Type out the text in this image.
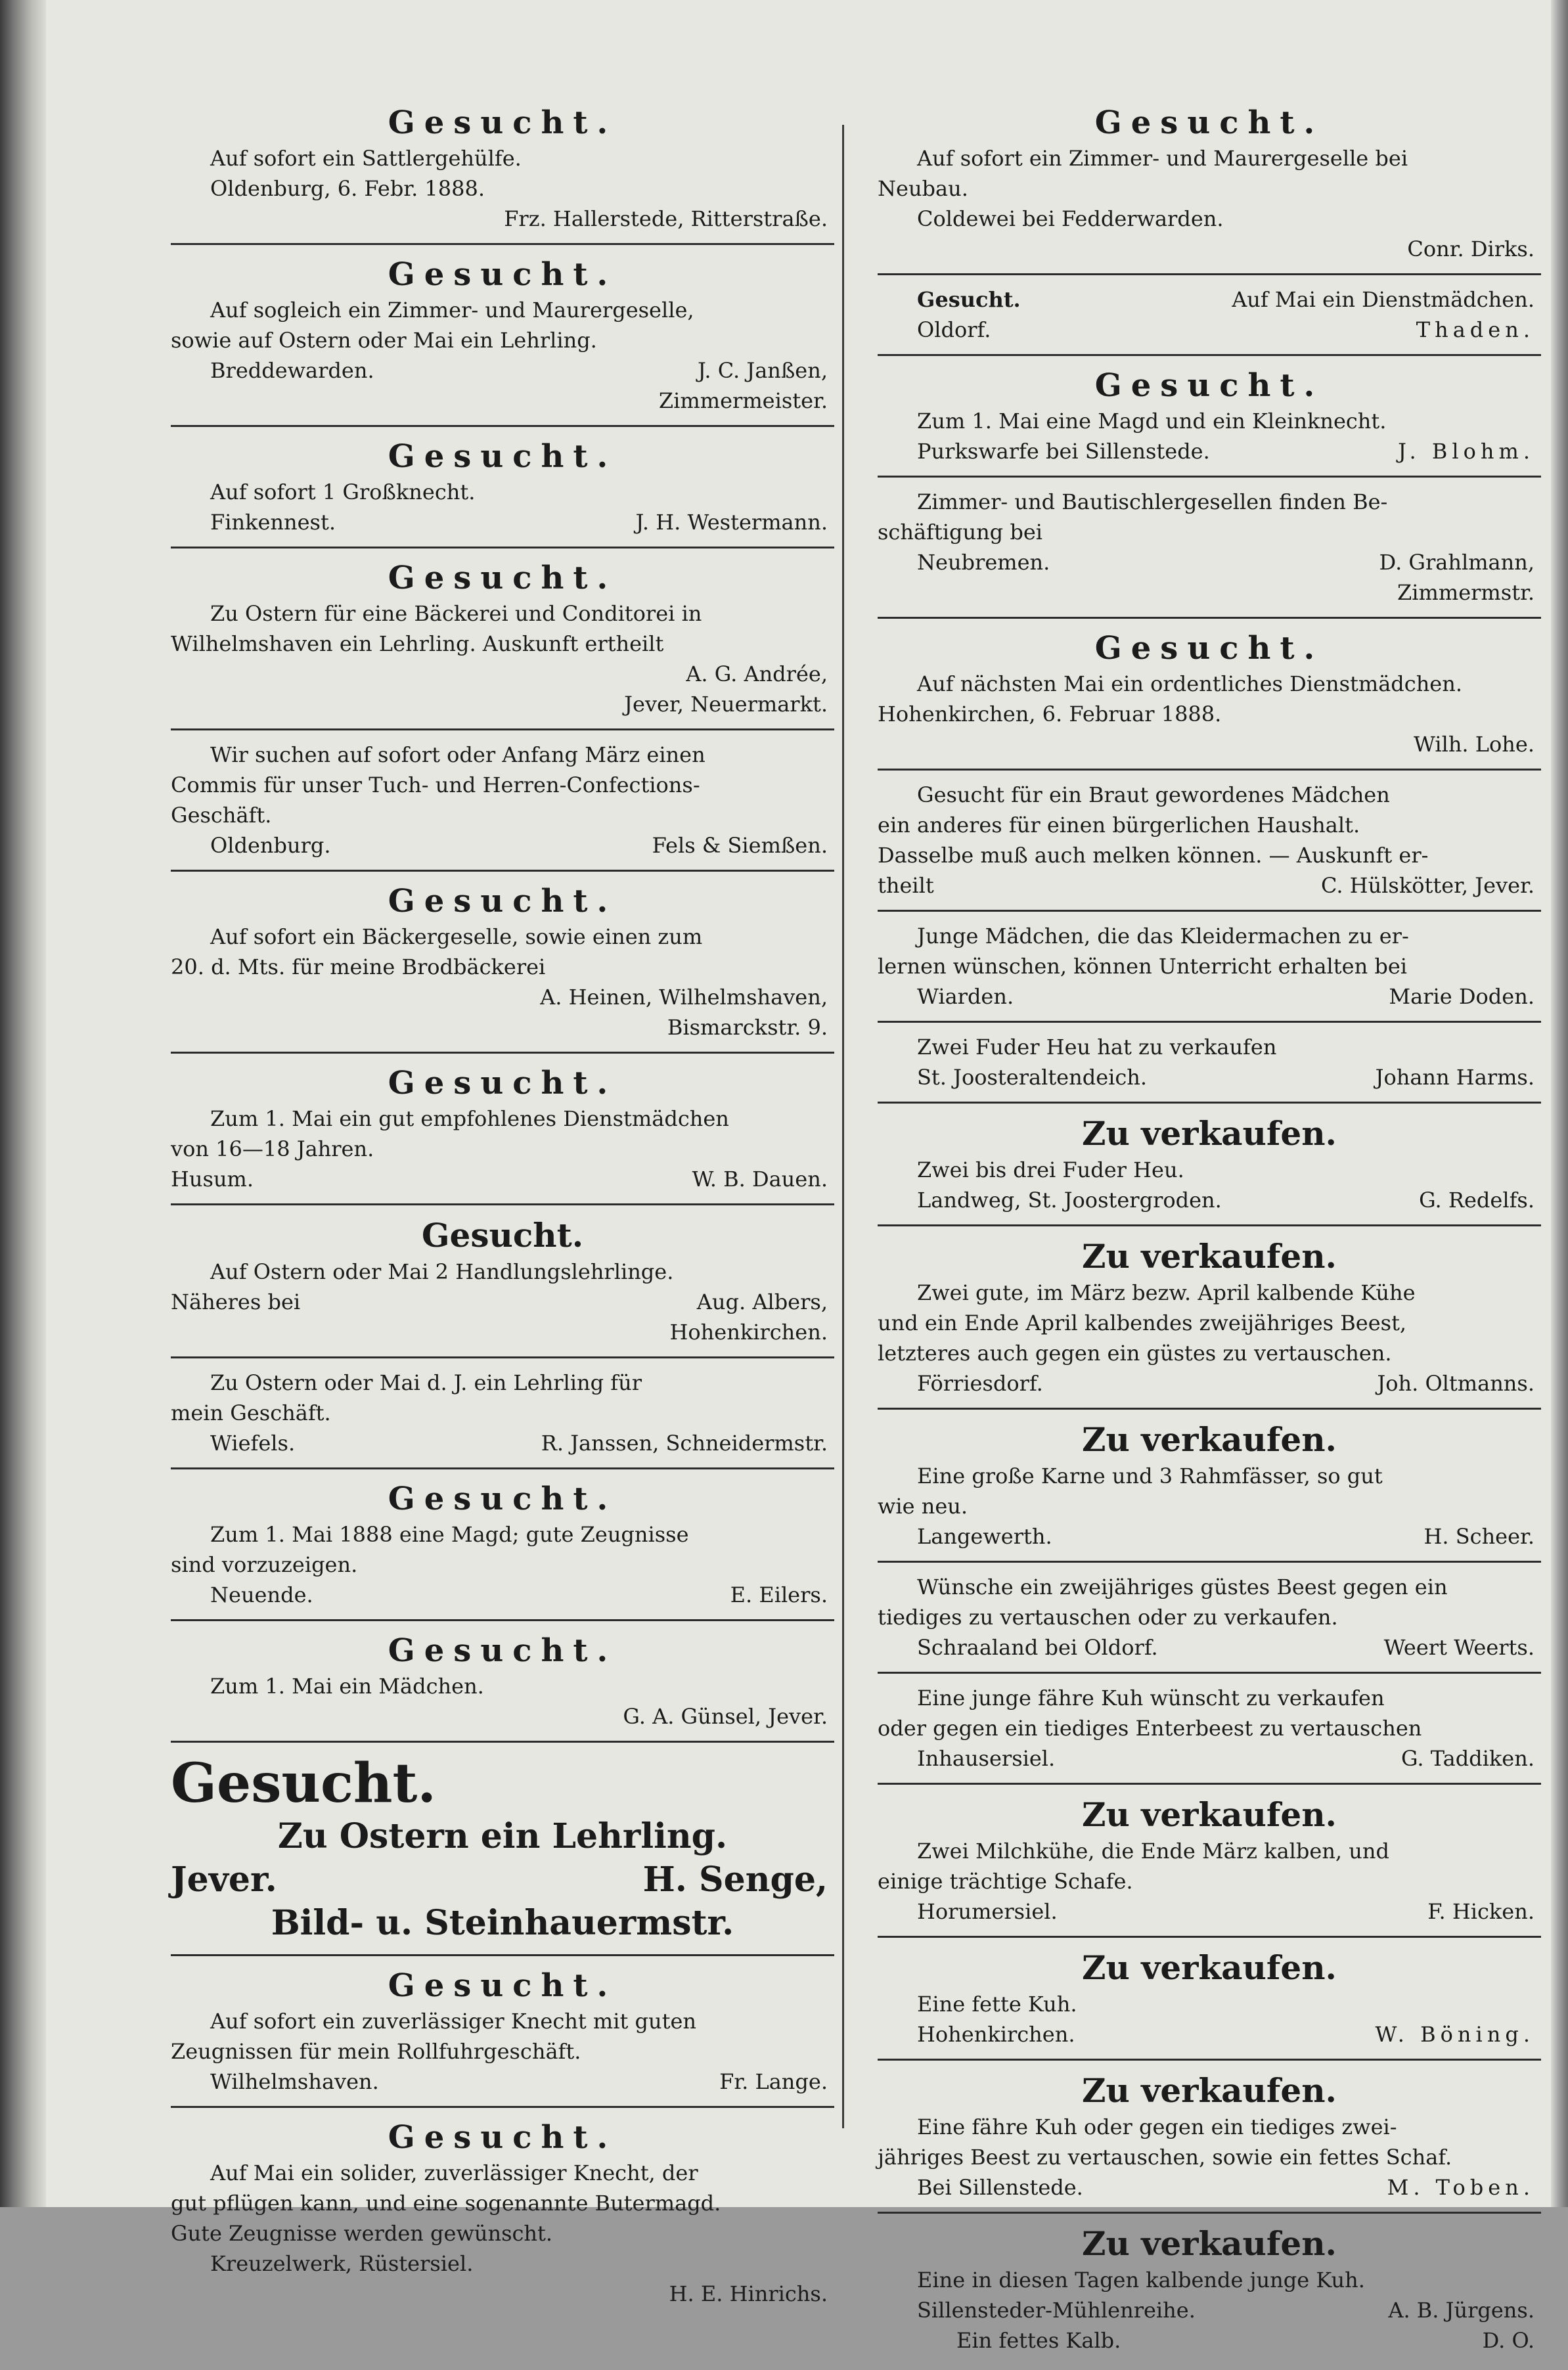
Gesucht.

Auf sofort ein Sattlergehülfe.

Oldenburg, 6. Febr. 1888.

Frz. Hallerstede, Ritterstraße.

Gesucht.

Auf sogleich ein Zimmer- und Maurergeselle,

sowie auf Ostern oder Mai ein Lehrling.

Breddewarden.	J. C. Janßen,

Zimmermeister.

Gesucht.

Auf sofort 1 Großknecht.

Finkennest.	J. H. Westermann.

Gesucht.

Zu Ostern für eine Bäckerei und Conditorei in

Wilhelmshaven ein Lehrling. Auskunft ertheilt

A. G. Andrée,

Jever, Neuermarkt.

Wir suchen auf sofort oder Anfang März einen

Commis für unser Tuch- und Herren-Confections-

Geschäft.

Oldenburg.	Fels & Siemßen.

Gesucht.

Auf sofort ein Bäckergeselle, sowie einen zum

20. d. Mts. für meine Brodbäckerei

A. Heinen, Wilhelmshaven,

Bismarckstr. 9.

Gesucht.

Zum 1. Mai ein gut empfohlenes Dienstmädchen

von 16—18 Jahren.

Husum.	W. B. Dauen.

Gesucht.

Auf Ostern oder Mai 2 Handlungslehrlinge.

Näheres bei	Aug. Albers,

Hohenkirchen.

Zu Ostern oder Mai d. J. ein Lehrling für

mein Geschäft.

Wiefels.	R. Janssen, Schneidermstr.

Gesucht.

Zum 1. Mai 1888 eine Magd; gute Zeugnisse

sind vorzuzeigen.

Neuende.	E. Eilers.

Gesucht.

Zum 1. Mai ein Mädchen.

G. A. Günsel, Jever.

Gesucht.

Zu Ostern ein Lehrling.

Jever.	H. Senge,

Bild- u. Steinhauermstr.

Gesucht.

Auf sofort ein zuverlässiger Knecht mit guten

Zeugnissen für mein Rollfuhrgeschäft.

Wilhelmshaven.	Fr. Lange.

Gesucht.

Auf Mai ein solider, zuverlässiger Knecht, der

gut pflügen kann, und eine sogenannte Butermagd.

Gute Zeugnisse werden gewünscht.

Kreuzelwerk, Rüstersiel.

H. E. Hinrichs.

Gesucht.

Auf sofort ein Zimmer- und Maurergeselle bei

Neubau.

Coldewei bei Fedderwarden.

Conr. Dirks.

Gesucht.	Auf Mai ein Dienstmädchen.

Oldorf.	Thaden.

Gesucht.

Zum 1. Mai eine Magd und ein Kleinknecht.

Purkswarfe bei Sillenstede.	J. Blohm.

Zimmer- und Bautischlergesellen finden Be-

schäftigung bei

Neubremen.	D. Grahlmann,

Zimmermstr.

Gesucht.

Auf nächsten Mai ein ordentliches Dienstmädchen.

Hohenkirchen, 6. Februar 1888.

Wilh. Lohe.

Gesucht für ein Braut gewordenes Mädchen

ein anderes für einen bürgerlichen Haushalt.

Dasselbe muß auch melken können. — Auskunft er-

theilt	C. Hülskötter, Jever.

Junge Mädchen, die das Kleidermachen zu er-

lernen wünschen, können Unterricht erhalten bei

Wiarden.	Marie Doden.

Zwei Fuder Heu hat zu verkaufen

St. Joosteraltendeich.	Johann Harms.

Zu verkaufen.

Zwei bis drei Fuder Heu.

Landweg, St. Joostergroden.	G. Redelfs.

Zu verkaufen.

Zwei gute, im März bezw. April kalbende Kühe

und ein Ende April kalbendes zweijähriges Beest,

letzteres auch gegen ein güstes zu vertauschen.

Förriesdorf.	Joh. Oltmanns.

Zu verkaufen.

Eine große Karne und 3 Rahmfässer, so gut

wie neu.

Langewerth.	H. Scheer.

Wünsche ein zweijähriges güstes Beest gegen ein

tiediges zu vertauschen oder zu verkaufen.

Schraaland bei Oldorf.	Weert Weerts.

Eine junge fähre Kuh wünscht zu verkaufen

oder gegen ein tiediges Enterbeest zu vertauschen

Inhausersiel.	G. Taddiken.

Zu verkaufen.

Zwei Milchkühe, die Ende März kalben, und

einige trächtige Schafe.

Horumersiel.	F. Hicken.

Zu verkaufen.

Eine fette Kuh.

Hohenkirchen.	W. Böning.

Zu verkaufen.

Eine fähre Kuh oder gegen ein tiediges zwei-

jähriges Beest zu vertauschen, sowie ein fettes Schaf.

Bei Sillenstede.	M. Toben.

Zu verkaufen.

Eine in diesen Tagen kalbende junge Kuh.

Sillensteder-Mühlenreihe.	A. B. Jürgens.

Ein fettes Kalb.	D. O.
